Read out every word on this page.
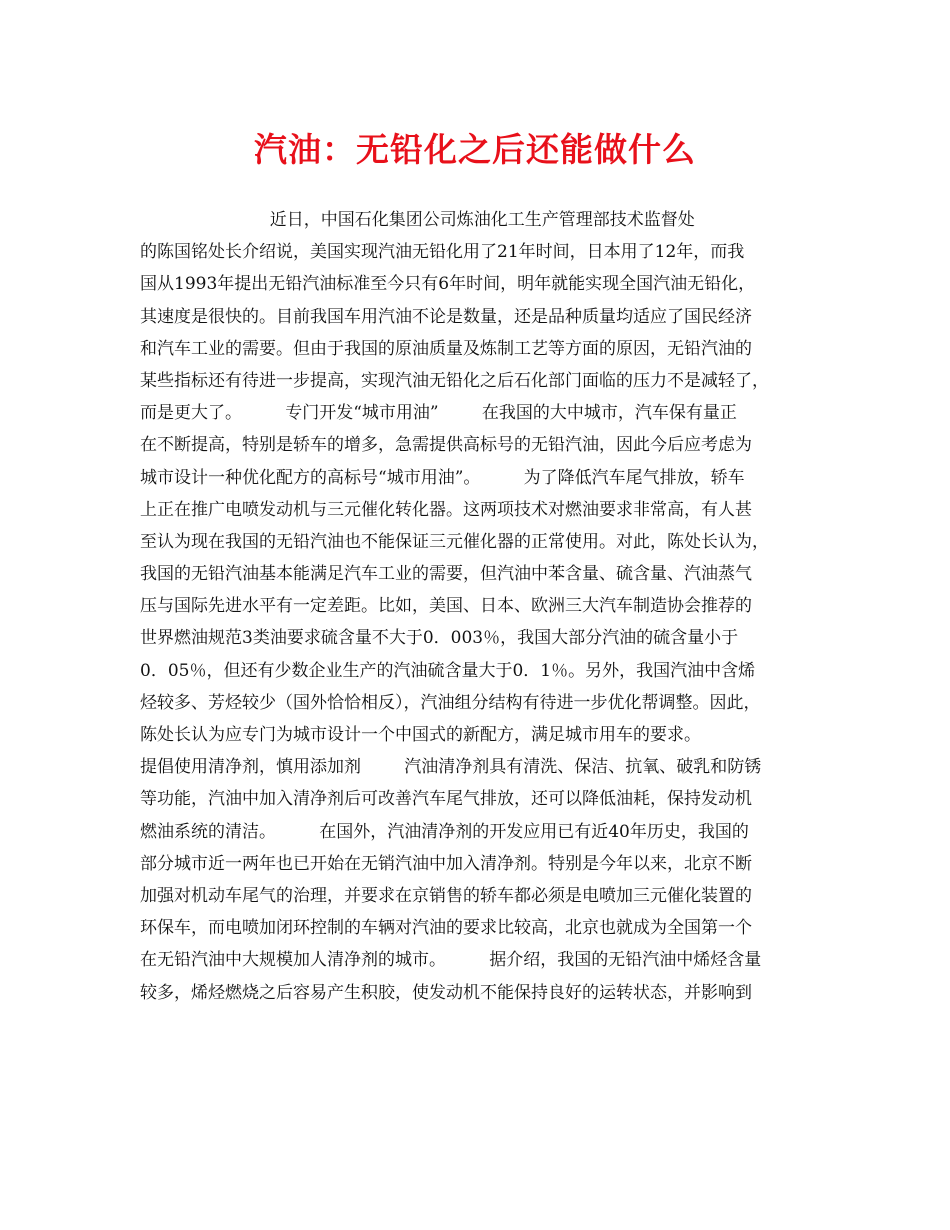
汽油：无铅化之后还能做什么
近日，中国石化集团公司炼油化工生产管理部技术监督处
的陈国铭处长介绍说，美国实现汽油无铅化用了21年时间，日本用了12年，而我
国从1993年提出无铅汽油标准至今只有6年时间，明年就能实现全国汽油无铅化，
其速度是很快的。目前我国车用汽油不论是数量，还是品种质量均适应了国民经济
和汽车工业的需要。但由于我国的原油质量及炼制工艺等方面的原因，无铅汽油的
某些指标还有待进一步提高，实现汽油无铅化之后石化部门面临的压力不是减轻了，
而是更大了。        专门开发“城市用油”        在我国的大中城市，汽车保有量正
在不断提高，特别是轿车的增多，急需提供高标号的无铅汽油，因此今后应考虑为
城市设计一种优化配方的高标号“城市用油”。        为了降低汽车尾气排放，轿车
上正在推广电喷发动机与三元催化转化器。这两项技术对燃油要求非常高，有人甚
至认为现在我国的无铅汽油也不能保证三元催化器的正常使用。对此，陈处长认为，
我国的无铅汽油基本能满足汽车工业的需要，但汽油中苯含量、硫含量、汽油蒸气
压与国际先进水平有一定差距。比如，美国、日本、欧洲三大汽车制造协会推荐的
世界燃油规范3类油要求硫含量不大于0．003％，我国大部分汽油的硫含量小于
0．05％，但还有少数企业生产的汽油硫含量大于0．1％。另外，我国汽油中含烯
烃较多、芳烃较少（国外恰恰相反），汽油组分结构有待进一步优化帮调整。因此，
陈处长认为应专门为城市设计一个中国式的新配方，满足城市用车的要求。
提倡使用清净剂，慎用添加剂        汽油清净剂具有清洗、保洁、抗氧、破乳和防锈
等功能，汽油中加入清净剂后可改善汽车尾气排放，还可以降低油耗，保持发动机
燃油系统的清洁。        在国外，汽油清净剂的开发应用已有近40年历史，我国的
部分城市近一两年也已开始在无销汽油中加入清净剂。特别是今年以来，北京不断
加强对机动车尾气的治理，并要求在京销售的轿车都必须是电喷加三元催化装置的
环保车，而电喷加闭环控制的车辆对汽油的要求比较高，北京也就成为全国第一个
在无铅汽油中大规模加人清净剂的城市。        据介绍，我国的无铅汽油中烯烃含量
较多，烯烃燃烧之后容易产生积胶，使发动机不能保持良好的运转状态，并影响到
